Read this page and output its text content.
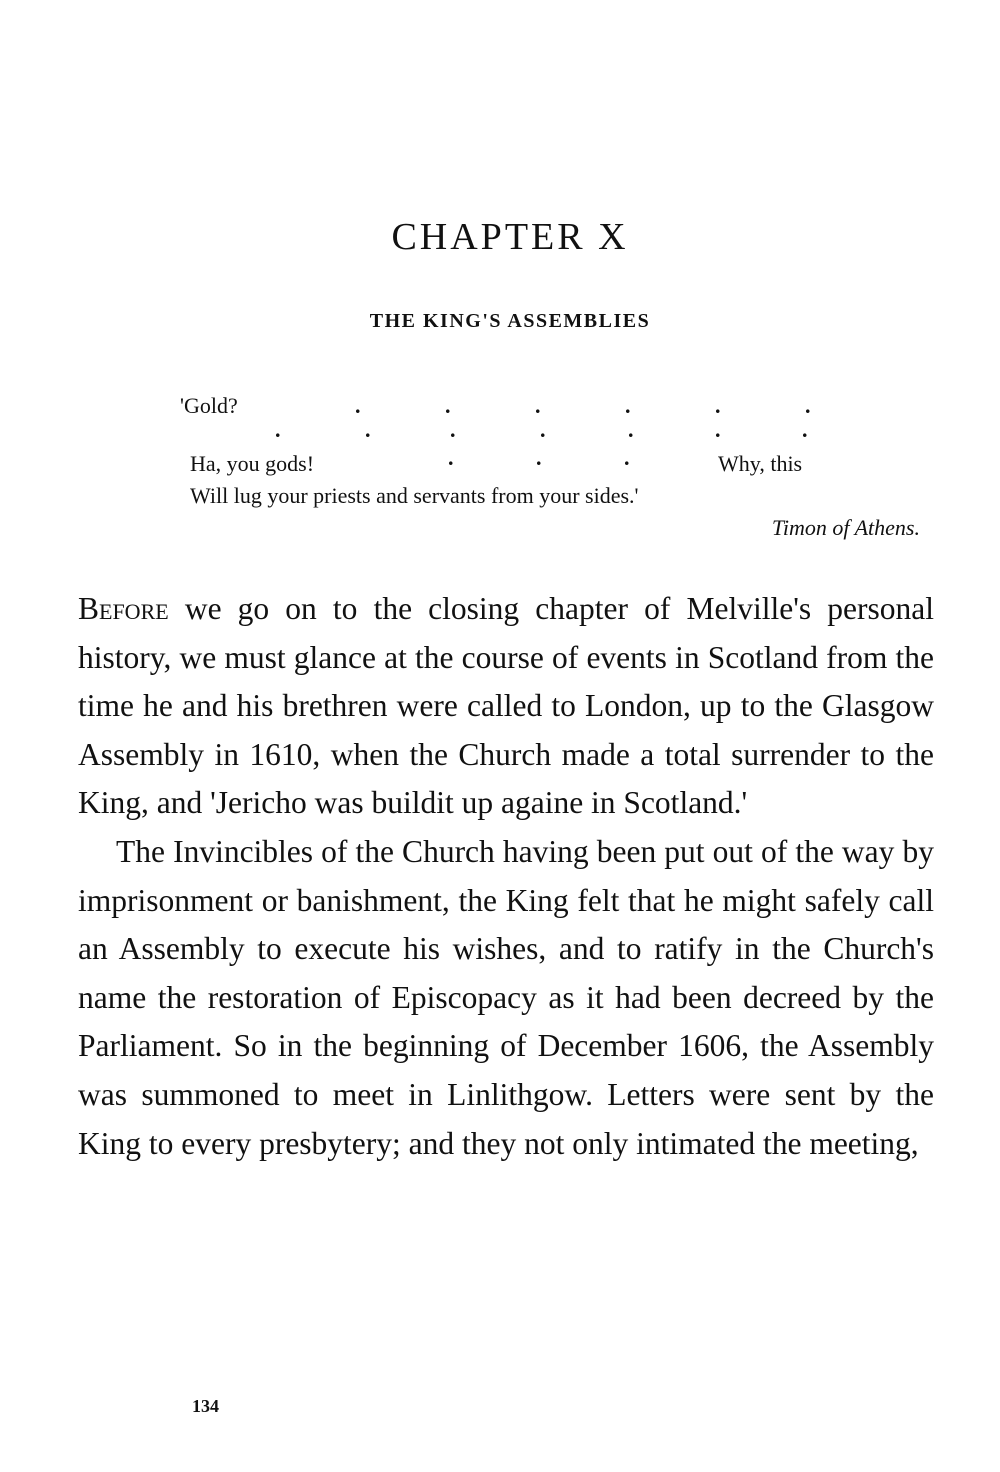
CHAPTER X
THE KING'S ASSEMBLIES
'Gold?	.	.	.	.	.	.
.	.	.	.	.	.	.
Ha, you gods!	.	.	.	Why, this
Will lug your priests and servants from your sides.'
Timon of Athens.

Before we go on to the closing chapter of Melville's personal history, we must glance at the course of events in Scotland from the time he and his brethren were called to London, up to the Glasgow Assembly in 1610, when the Church made a total surrender to the King, and 'Jericho was buildit up againe in Scotland.'

The Invincibles of the Church having been put out of the way by imprisonment or banishment, the King felt that he might safely call an Assembly to execute his wishes, and to ratify in the Church's name the restoration of Episcopacy as it had been decreed by the Parliament. So in the beginning of December 1606, the Assembly was summoned to meet in Linlithgow. Letters were sent by the King to every presbytery; and they not only intimated the meeting,

134
